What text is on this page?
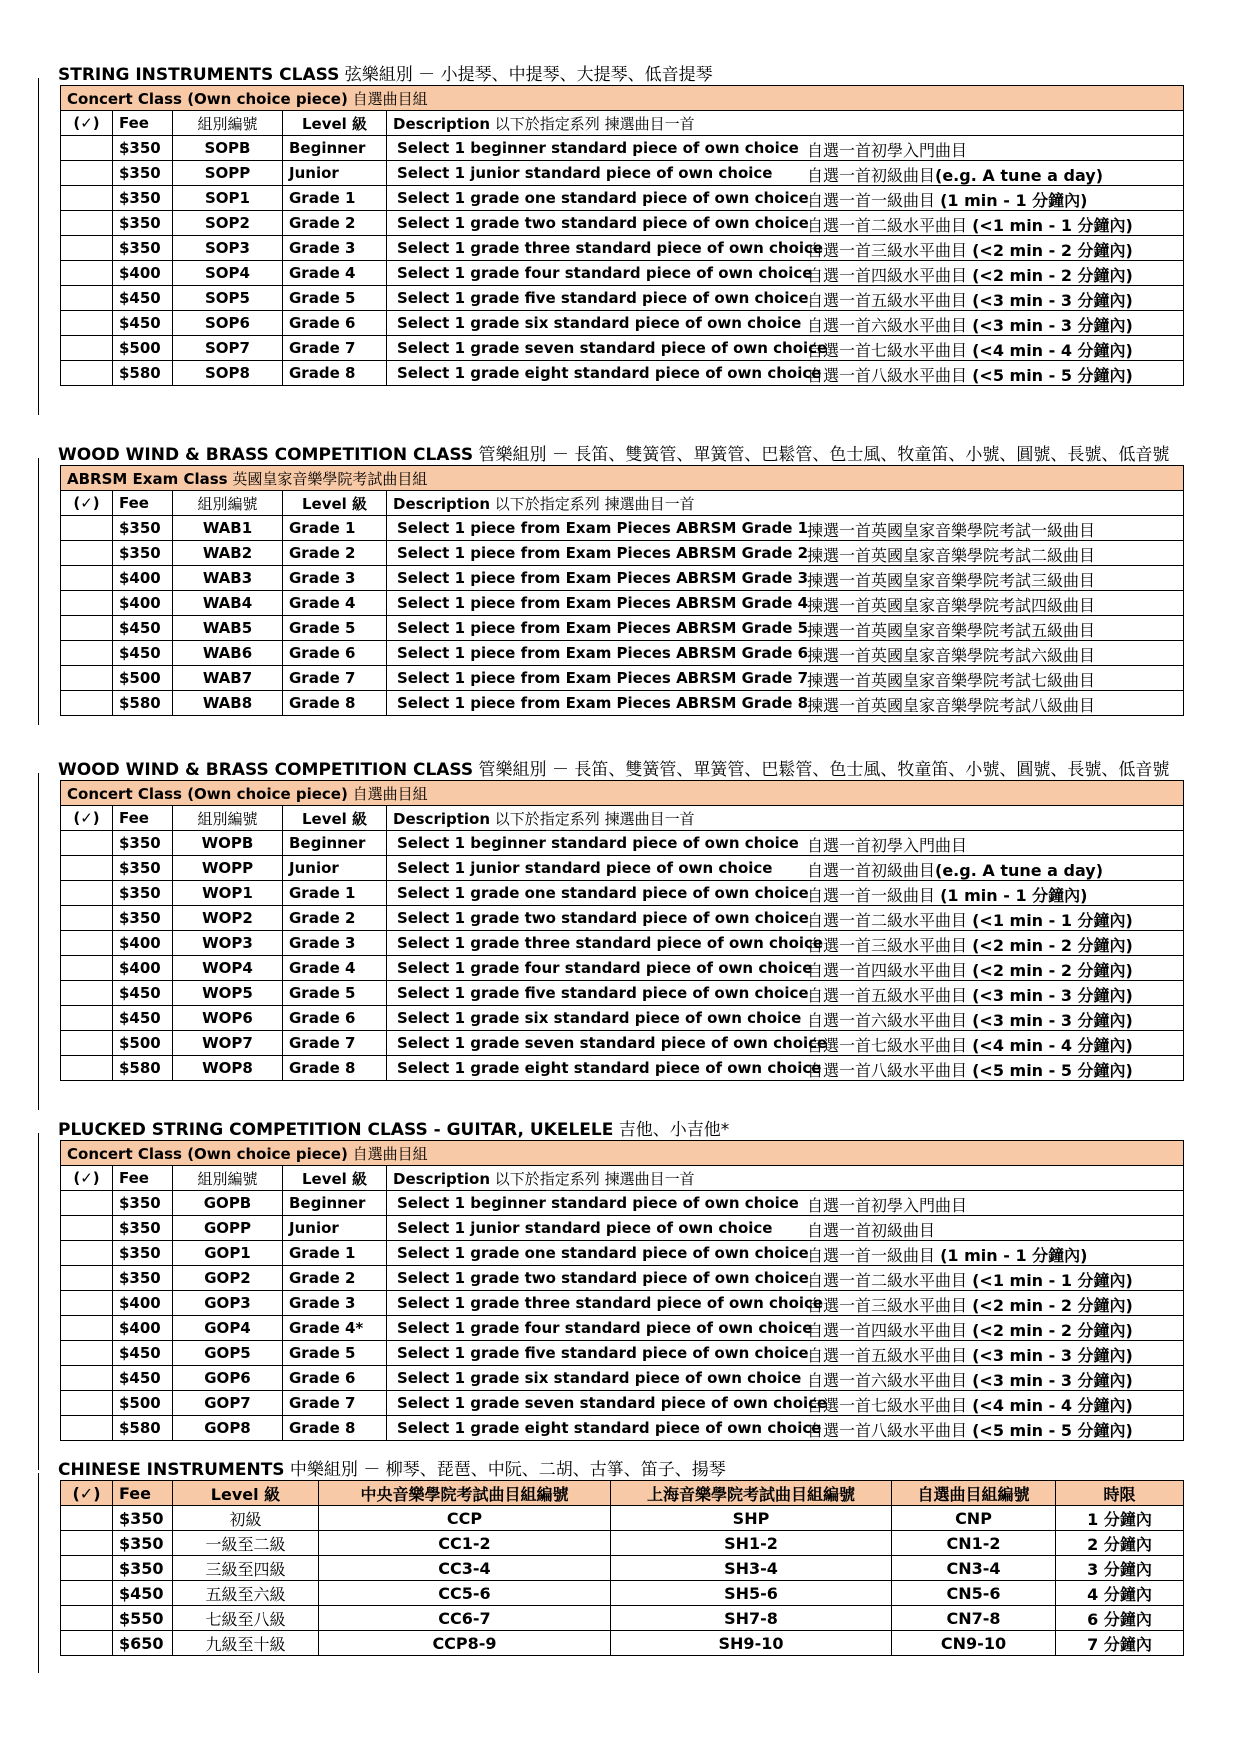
STRING INSTRUMENTS CLASS 弦樂組別 － 小提琴、中提琴、大提琴、低音提琴
Concert Class (Own choice piece) 自選曲目組				
(✓)	Fee	組別編號	Level 級	Description 以下於指定系列 揀選曲目一首
	$350	SOPB	Beginner	Select 1 beginner standard piece of own choice 自選一首初學入門曲目

	$350	SOPP	Junior	Select 1 junior standard piece of own choice 自選一首初級曲目(e.g. A tune a day)

	$350	SOP1	Grade 1	Select 1 grade one standard piece of own choice
自選一首一級曲目 (1 min - 1 分鐘內)

	$350	SOP2	Grade 2	Select 1 grade two standard piece of own choice
自選一首二級水平曲目 (<1 min - 1 分鐘內)

	$350	SOP3	Grade 3	Select 1 grade three standard piece of own choice
自選一首三級水平曲目 (<2 min - 2 分鐘內)

	$400	SOP4	Grade 4	Select 1 grade four standard piece of own choice
自選一首四級水平曲目 (<2 min - 2 分鐘內)

	$450	SOP5	Grade 5	Select 1 grade five standard piece of own choice
自選一首五級水平曲目 (<3 min - 3 分鐘內)

	$450	SOP6	Grade 6	Select 1 grade six standard piece of own choice 自選一首六級水平曲目 (<3 min - 3 分鐘內)

	$500	SOP7	Grade 7	Select 1 grade seven standard piece of own choice
自選一首七級水平曲目 (<4 min - 4 分鐘內)

	$580	SOP8	Grade 8	Select 1 grade eight standard piece of own choice
自選一首八級水平曲目 (<5 min - 5 分鐘內)
WOOD WIND & BRASS COMPETITION CLASS 管樂組別 － 長笛、雙簧管、單簧管、巴鬆管、色士風、牧童笛、小號、圓號、長號、低音號
ABRSM Exam Class 英國皇家音樂學院考試曲目組				
(✓)	Fee	組別編號	Level 級	Description 以下於指定系列 揀選曲目一首
	$350	WAB1	Grade 1	Select 1 piece from Exam Pieces ABRSM Grade 1
揀選一首英國皇家音樂學院考試一級曲目

	$350	WAB2	Grade 2	Select 1 piece from Exam Pieces ABRSM Grade 2
揀選一首英國皇家音樂學院考試二級曲目

	$400	WAB3	Grade 3	Select 1 piece from Exam Pieces ABRSM Grade 3
揀選一首英國皇家音樂學院考試三級曲目

	$400	WAB4	Grade 4	Select 1 piece from Exam Pieces ABRSM Grade 4
揀選一首英國皇家音樂學院考試四級曲目

	$450	WAB5	Grade 5	Select 1 piece from Exam Pieces ABRSM Grade 5
揀選一首英國皇家音樂學院考試五級曲目

	$450	WAB6	Grade 6	Select 1 piece from Exam Pieces ABRSM Grade 6
揀選一首英國皇家音樂學院考試六級曲目

	$500	WAB7	Grade 7	Select 1 piece from Exam Pieces ABRSM Grade 7
揀選一首英國皇家音樂學院考試七級曲目

	$580	WAB8	Grade 8	Select 1 piece from Exam Pieces ABRSM Grade 8
揀選一首英國皇家音樂學院考試八級曲目
WOOD WIND & BRASS COMPETITION CLASS 管樂組別 － 長笛、雙簧管、單簧管、巴鬆管、色士風、牧童笛、小號、圓號、長號、低音號
Concert Class (Own choice piece) 自選曲目組				
(✓)	Fee	組別編號	Level 級	Description 以下於指定系列 揀選曲目一首
	$350	WOPB	Beginner	Select 1 beginner standard piece of own choice 自選一首初學入門曲目

	$350	WOPP	Junior	Select 1 junior standard piece of own choice 自選一首初級曲目(e.g. A tune a day)

	$350	WOP1	Grade 1	Select 1 grade one standard piece of own choice
自選一首一級曲目 (1 min - 1 分鐘內)

	$350	WOP2	Grade 2	Select 1 grade two standard piece of own choice
自選一首二級水平曲目 (<1 min - 1 分鐘內)

	$400	WOP3	Grade 3	Select 1 grade three standard piece of own choice
自選一首三級水平曲目 (<2 min - 2 分鐘內)

	$400	WOP4	Grade 4	Select 1 grade four standard piece of own choice
自選一首四級水平曲目 (<2 min - 2 分鐘內)

	$450	WOP5	Grade 5	Select 1 grade five standard piece of own choice
自選一首五級水平曲目 (<3 min - 3 分鐘內)

	$450	WOP6	Grade 6	Select 1 grade six standard piece of own choice 自選一首六級水平曲目 (<3 min - 3 分鐘內)

	$500	WOP7	Grade 7	Select 1 grade seven standard piece of own choice
自選一首七級水平曲目 (<4 min - 4 分鐘內)

	$580	WOP8	Grade 8	Select 1 grade eight standard piece of own choice
自選一首八級水平曲目 (<5 min - 5 分鐘內)
PLUCKED STRING COMPETITION CLASS - GUITAR, UKELELE 吉他、小吉他*
Concert Class (Own choice piece) 自選曲目組				
(✓)	Fee	組別編號	Level 級	Description 以下於指定系列 揀選曲目一首
	$350	GOPB	Beginner	Select 1 beginner standard piece of own choice 自選一首初學入門曲目

	$350	GOPP	Junior	Select 1 junior standard piece of own choice 自選一首初級曲目

	$350	GOP1	Grade 1	Select 1 grade one standard piece of own choice
自選一首一級曲目 (1 min - 1 分鐘內)

	$350	GOP2	Grade 2	Select 1 grade two standard piece of own choice
自選一首二級水平曲目 (<1 min - 1 分鐘內)

	$400	GOP3	Grade 3	Select 1 grade three standard piece of own choice
自選一首三級水平曲目 (<2 min - 2 分鐘內)

	$400	GOP4	Grade 4*	Select 1 grade four standard piece of own choice
自選一首四級水平曲目 (<2 min - 2 分鐘內)

	$450	GOP5	Grade 5	Select 1 grade five standard piece of own choice
自選一首五級水平曲目 (<3 min - 3 分鐘內)

	$450	GOP6	Grade 6	Select 1 grade six standard piece of own choice 自選一首六級水平曲目 (<3 min - 3 分鐘內)

	$500	GOP7	Grade 7	Select 1 grade seven standard piece of own choice
自選一首七級水平曲目 (<4 min - 4 分鐘內)

	$580	GOP8	Grade 8	Select 1 grade eight standard piece of own choice
自選一首八級水平曲目 (<5 min - 5 分鐘內)
CHINESE INSTRUMENTS 中樂組別 － 柳琴、琵琶、中阮、二胡、古箏、笛子、揚琴
(✓)	Fee	Level 級	中央音樂學院考試曲目組編號	上海音樂學院考試曲目組編號	自選曲目組編號	時限
	$350	初級	CCP	SHP	CNP	1 分鐘內
	$350	一級至二級	CC1-2	SH1-2	CN1-2	2 分鐘內
	$350	三級至四級	CC3-4	SH3-4	CN3-4	3 分鐘內
	$450	五級至六級	CC5-6	SH5-6	CN5-6	4 分鐘內
	$550	七級至八級	CC6-7	SH7-8	CN7-8	6 分鐘內
	$650	九級至十級	CCP8-9	SH9-10	CN9-10	7 分鐘內
